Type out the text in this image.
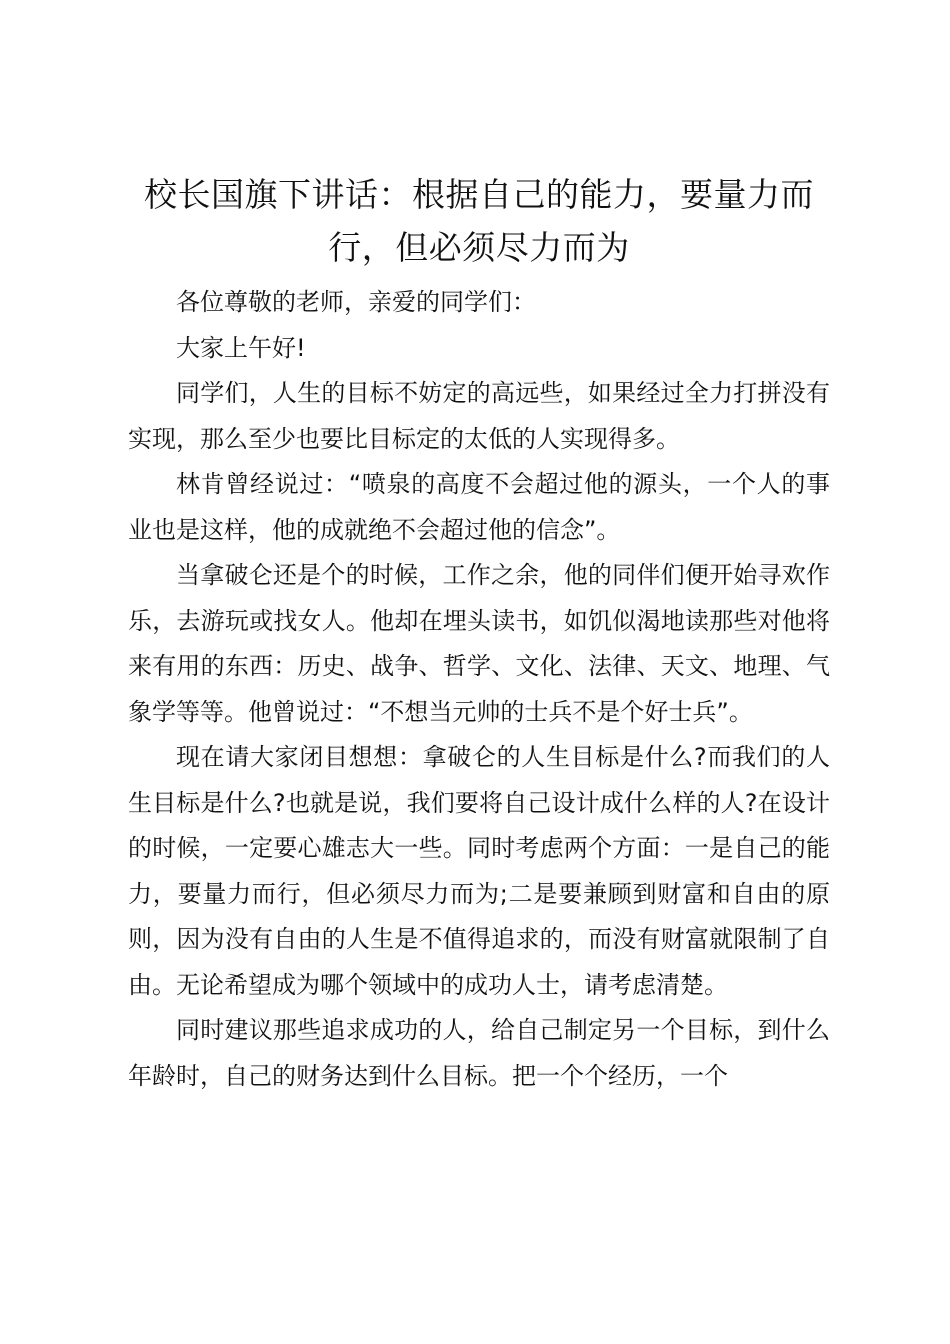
校长国旗下讲话：根据自己的能力，要量力而行，但必须尽力而为

各位尊敬的老师，亲爱的同学们：

大家上午好!

同学们，人生的目标不妨定的高远些，如果经过全力打拼没有实现，那么至少也要比目标定的太低的人实现得多。

林肯曾经说过：“喷泉的高度不会超过他的源头，一个人的事业也是这样，他的成就绝不会超过他的信念”。

当拿破仑还是个的时候，工作之余，他的同伴们便开始寻欢作乐，去游玩或找女人。他却在埋头读书，如饥似渴地读那些对他将来有用的东西：历史、战争、哲学、文化、法律、天文、地理、气象学等等。他曾说过：“不想当元帅的士兵不是个好士兵”。

现在请大家闭目想想：拿破仑的人生目标是什么?而我们的人生目标是什么?也就是说，我们要将自己设计成什么样的人?在设计的时候，一定要心雄志大一些。同时考虑两个方面：一是自己的能力，要量力而行，但必须尽力而为;二是要兼顾到财富和自由的原则，因为没有自由的人生是不值得追求的，而没有财富就限制了自由。无论希望成为哪个领域中的成功人士，请考虑清楚。

同时建议那些追求成功的人，给自己制定另一个目标，到什么年龄时，自己的财务达到什么目标。把一个个经历，一个
